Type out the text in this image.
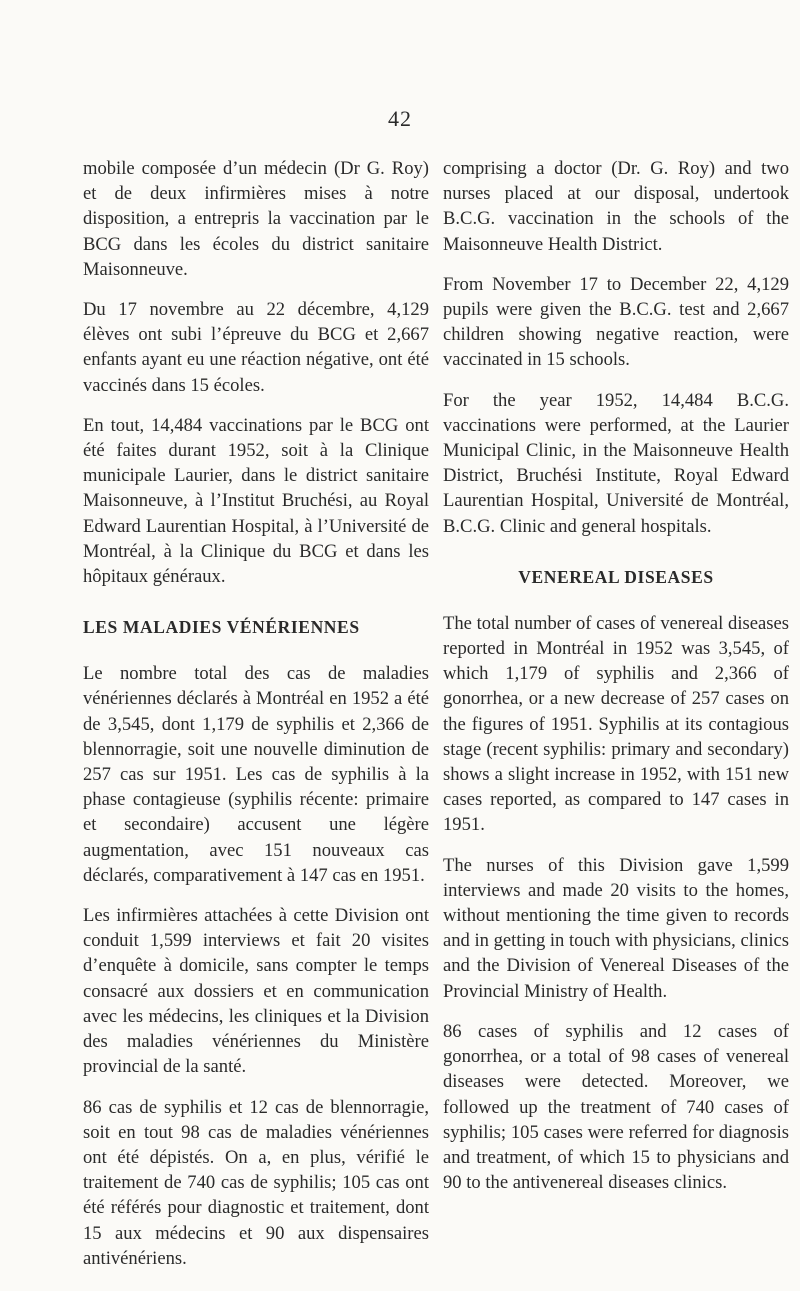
42

mobile composée d’un médecin (Dr G. Roy) et de deux infirmières mises à notre disposition, a entrepris la vaccination par le BCG dans les écoles du district sanitaire Maisonneuve.

Du 17 novembre au 22 décembre, 4,129 élèves ont subi l’épreuve du BCG et 2,667 enfants ayant eu une réaction négative, ont été vaccinés dans 15 écoles.

En tout, 14,484 vaccinations par le BCG ont été faites durant 1952, soit à la Clinique municipale Laurier, dans le district sanitaire Maisonneuve, à l’Institut Bruchési, au Royal Edward Laurentian Hospital, à l’Université de Montréal, à la Clinique du BCG et dans les hôpitaux généraux.

LES MALADIES VÉNÉRIENNES

Le nombre total des cas de maladies vénériennes déclarés à Montréal en 1952 a été de 3,545, dont 1,179 de syphilis et 2,366 de blennorragie, soit une nouvelle diminution de 257 cas sur 1951. Les cas de syphilis à la phase contagieuse (syphilis récente: primaire et secondaire) accusent une légère augmentation, avec 151 nouveaux cas déclarés, comparativement à 147 cas en 1951.

Les infirmières attachées à cette Division ont conduit 1,599 interviews et fait 20 visites d’enquête à domicile, sans compter le temps consacré aux dossiers et en communication avec les médecins, les cliniques et la Division des maladies vénériennes du Ministère provincial de la santé.

86 cas de syphilis et 12 cas de blennorragie, soit en tout 98 cas de maladies vénériennes ont été dépistés. On a, en plus, vérifié le traitement de 740 cas de syphilis; 105 cas ont été référés pour diagnostic et traitement, dont 15 aux médecins et 90 aux dispensaires antivénériens.

comprising a doctor (Dr. G. Roy) and two nurses placed at our disposal, undertook B.C.G. vaccination in the schools of the Maisonneuve Health District.

From November 17 to December 22, 4,129 pupils were given the B.C.G. test and 2,667 children showing negative reaction, were vaccinated in 15 schools.

For the year 1952, 14,484 B.C.G. vaccinations were performed, at the Laurier Municipal Clinic, in the Maisonneuve Health District, Bruchési Institute, Royal Edward Laurentian Hospital, Université de Montréal, B.C.G. Clinic and general hospitals.

VENEREAL DISEASES

The total number of cases of venereal diseases reported in Montréal in 1952 was 3,545, of which 1,179 of syphilis and 2,366 of gonorrhea, or a new decrease of 257 cases on the figures of 1951. Syphilis at its contagious stage (recent syphilis: primary and secondary) shows a slight increase in 1952, with 151 new cases reported, as compared to 147 cases in 1951.

The nurses of this Division gave 1,599 interviews and made 20 visits to the homes, without mentioning the time given to records and in getting in touch with physicians, clinics and the Division of Venereal Diseases of the Provincial Ministry of Health.

86 cases of syphilis and 12 cases of gonorrhea, or a total of 98 cases of venereal diseases were detected. Moreover, we followed up the treatment of 740 cases of syphilis; 105 cases were referred for diagnosis and treatment, of which 15 to physicians and 90 to the antivenereal diseases clinics.
